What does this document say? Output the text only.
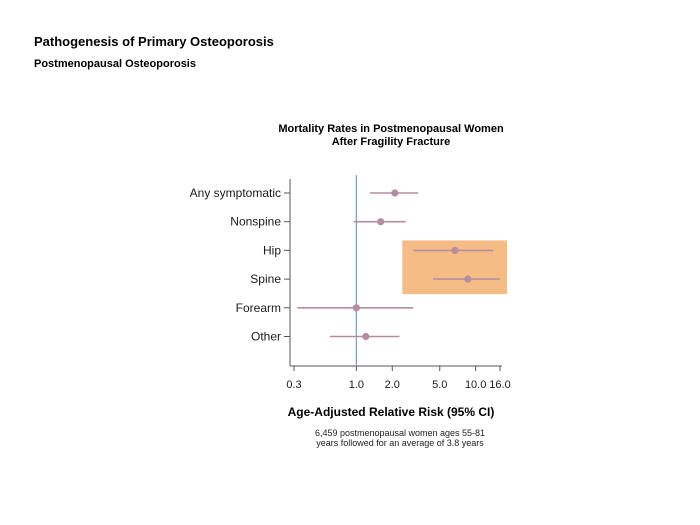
Pathogenesis of Primary Osteoporosis
Postmenopausal Osteoporosis
Mortality Rates in Postmenopausal Women
After Fragility Fracture
Any symptomatic
Nonspine
Hip
Spine
Forearm
Other
0.3	1.0 2.0	5.0 10.0 16.0
Age-Adjusted Relative Risk (95% CI)
6,459 postmenopausal women ages 55-81
years followed for an average of 3.8 years
